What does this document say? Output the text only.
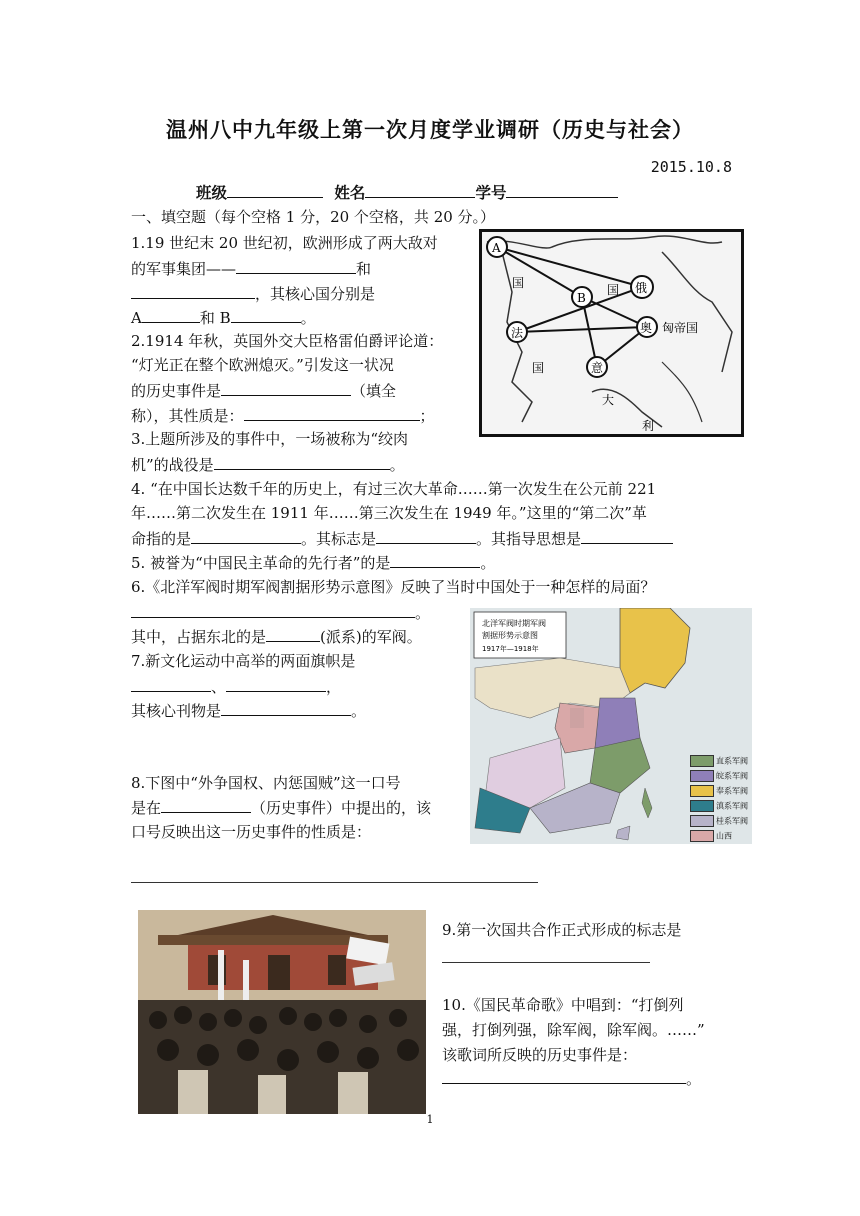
温州八中九年级上第一次月度学业调研（历史与社会）
2015.10.8
班级	姓名	学号
一、填空题（每个空格 1 分，20 个空格，共 20 分。）
1.19 世纪末 20 世纪初，欧洲形成了两大敌对
的军事集团——	和
，其核心国分别是
A	和 B	。
A
B
国	国 俄
奥
法
意
匈帝国
国
大
利
2.1914 年秋，英国外交大臣格雷伯爵评论道：
“灯光正在整个欧洲熄灭。”引发这一状况
的历史事件是	（填全
称），其性质是：	；
3.上题所涉及的事件中，一场被称为“绞肉
机”的战役是	。
4. “在中国长达数千年的历史上，有过三次大革命……第一次发生在公元前 221
年……第二次发生在 1911 年……第三次发生在 1949 年。”这里的“第二次”革
命指的是	。其标志是	。其指导思想是
5. 被誉为“中国民主革命的先行者”的是	。
6.《北洋军阀时期军阀割据形势示意图》反映了当时中国处于一种怎样的局面？
。
其中，占据东北的是	(派系)的军阀。
北洋军阀时期军阀
割据形势示意图
1917年—1918年
直系军阀
皖系军阀
奉系军阀
滇系军阀
桂系军阀
山西
7.新文化运动中高举的两面旗帜是
、	，
其核心刊物是	。
8.下图中“外争国权、内惩国贼”这一口号
是在	（历史事件）中提出的，该
口号反映出这一历史事件的性质是：
9.第一次国共合作正式形成的标志是
10.《国民革命歌》中唱到：“打倒列
强，打倒列强，除军阀，除军阀。……”
该歌词所反映的历史事件是：
。
1
